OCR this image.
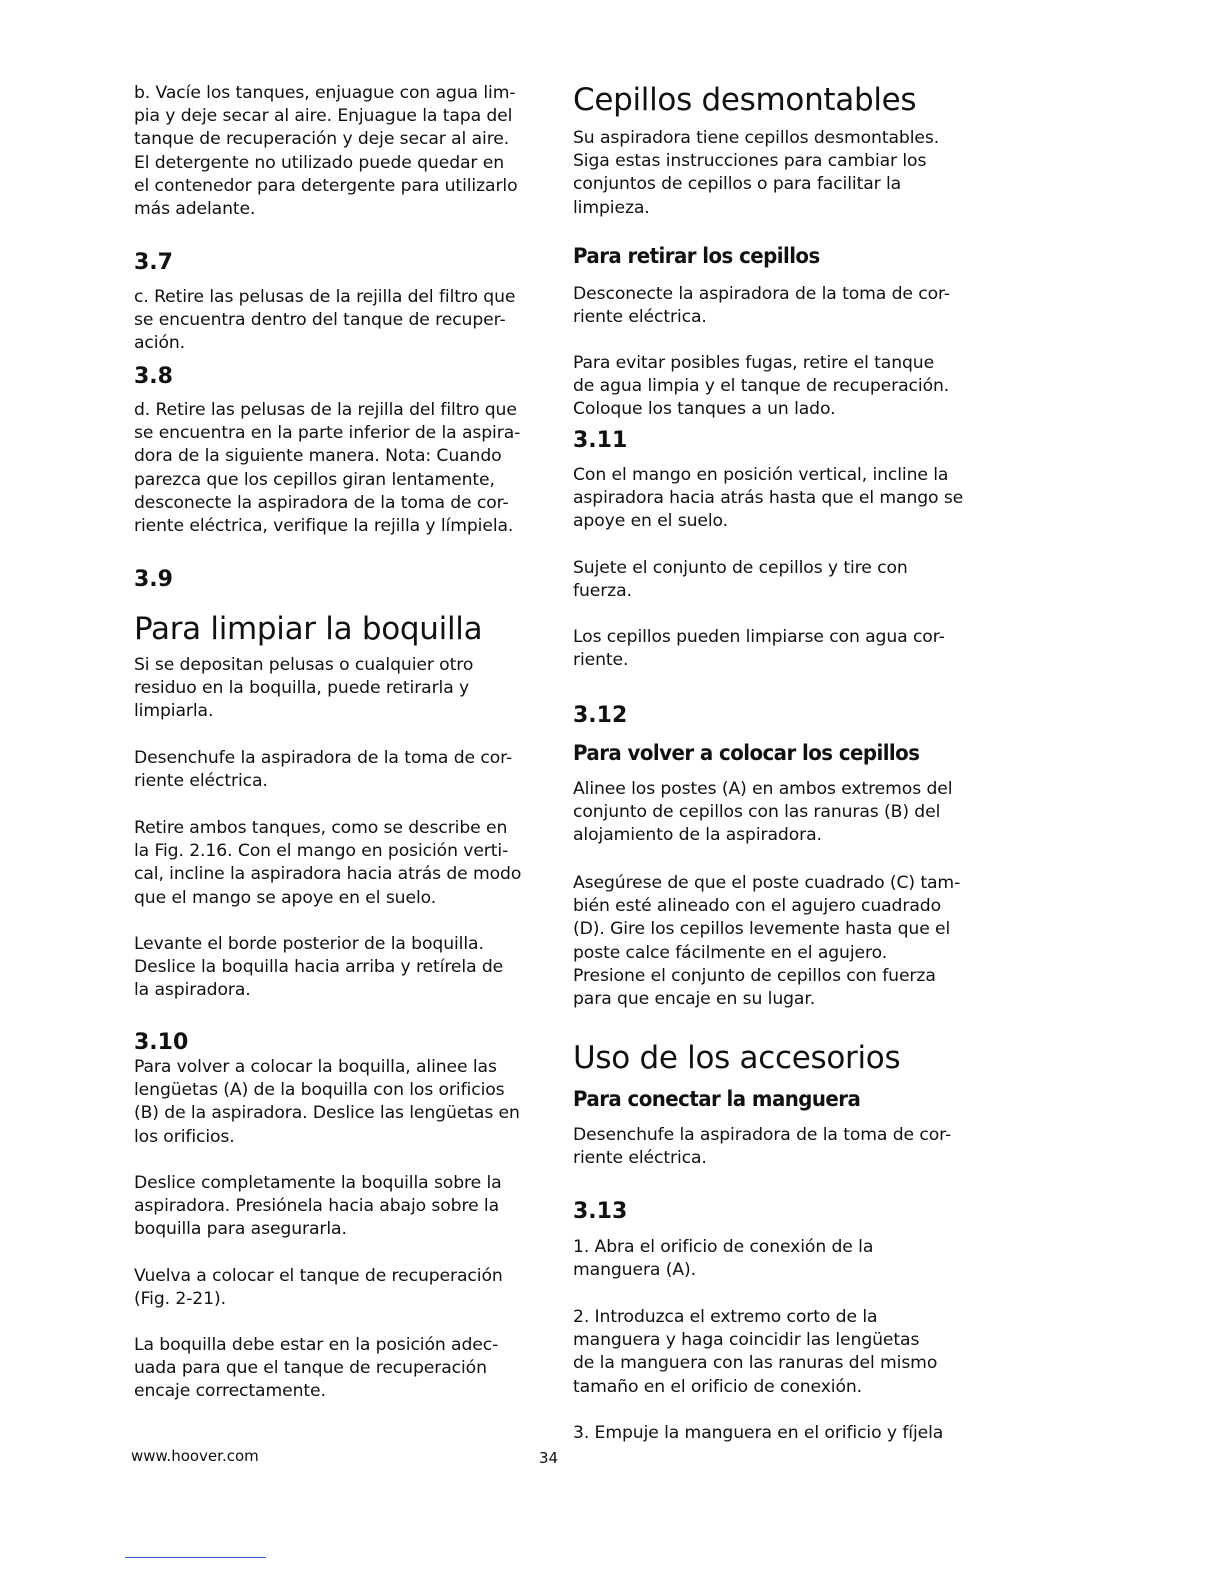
b. Vacíe los tanques, enjuague con agua lim-
pia y deje secar al aire. Enjuague la tapa del
tanque de recuperación y deje secar al aire.
El detergente no utilizado puede quedar en
el contenedor para detergente para utilizarlo
más adelante.

3.7

c. Retire las pelusas de la rejilla del filtro que
se encuentra dentro del tanque de recuper-
ación.

3.8

d. Retire las pelusas de la rejilla del filtro que
se encuentra en la parte inferior de la aspira-
dora de la siguiente manera. Nota: Cuando
parezca que los cepillos giran lentamente,
desconecte la aspiradora de la toma de cor-
riente eléctrica, verifique la rejilla y límpiela.

3.9

Para limpiar la boquilla

Si se depositan pelusas o cualquier otro
residuo en la boquilla, puede retirarla y
limpiarla.

Desenchufe la aspiradora de la toma de cor-
riente eléctrica.

Retire ambos tanques, como se describe en
la Fig. 2.16. Con el mango en posición verti-
cal, incline la aspiradora hacia atrás de modo
que el mango se apoye en el suelo.

Levante el borde posterior de la boquilla.
Deslice la boquilla hacia arriba y retírela de
la aspiradora.

3.10

Para volver a colocar la boquilla, alinee las
lengüetas (A) de la boquilla con los orificios
(B) de la aspiradora. Deslice las lengüetas en
los orificios.

Deslice completamente la boquilla sobre la
aspiradora. Presiónela hacia abajo sobre la
boquilla para asegurarla.

Vuelva a colocar el tanque de recuperación
(Fig. 2-21).

La boquilla debe estar en la posición adec-
uada para que el tanque de recuperación
encaje correctamente.

Cepillos desmontables

Su aspiradora tiene cepillos desmontables.
Siga estas instrucciones para cambiar los
conjuntos de cepillos o para facilitar la
limpieza.

Para retirar los cepillos

Desconecte la aspiradora de la toma de cor-
riente eléctrica.

Para evitar posibles fugas, retire el tanque
de agua limpia y el tanque de recuperación.
Coloque los tanques a un lado.

3.11

Con el mango en posición vertical, incline la
aspiradora hacia atrás hasta que el mango se
apoye en el suelo.

Sujete el conjunto de cepillos y tire con
fuerza.

Los cepillos pueden limpiarse con agua cor-
riente.

3.12

Para volver a colocar los cepillos

Alinee los postes (A) en ambos extremos del
conjunto de cepillos con las ranuras (B) del
alojamiento de la aspiradora.

Asegúrese de que el poste cuadrado (C) tam-
bién esté alineado con el agujero cuadrado
(D). Gire los cepillos levemente hasta que el
poste calce fácilmente en el agujero.
Presione el conjunto de cepillos con fuerza
para que encaje en su lugar.

Uso de los accesorios
Para conectar la manguera

Desenchufe la aspiradora de la toma de cor-
riente eléctrica.

3.13

1. Abra el orificio de conexión de la
manguera (A).

2. Introduzca el extremo corto de la
manguera y haga coincidir las lengüetas
de la manguera con las ranuras del mismo
tamaño en el orificio de conexión.

3. Empuje la manguera en el orificio y fíjela

www.hoover.com	34
